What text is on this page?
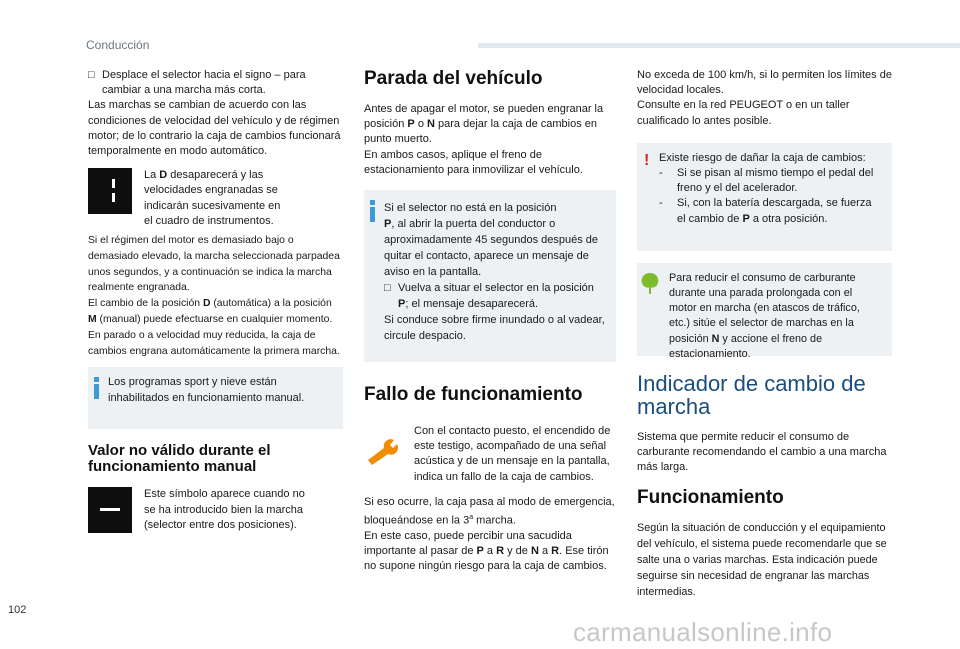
Conducción

□ Desplace el selector hacia el signo – para cambiar a una marcha más corta.

Las marchas se cambian de acuerdo con las condiciones de velocidad del vehículo y de régimen motor; de lo contrario la caja de cambios funcionará temporalmente en modo automático.

La D desaparecerá y las velocidades engranadas se indicarán sucesivamente en el cuadro de instrumentos.

Si el régimen del motor es demasiado bajo o demasiado elevado, la marcha seleccionada parpadea unos segundos, y a continuación se indica la marcha realmente engranada.

El cambio de la posición D (automática) a la posición M (manual) puede efectuarse en cualquier momento.

En parado o a velocidad muy reducida, la caja de cambios engrana automáticamente la primera marcha.

Los programas sport y nieve están inhabilitados en funcionamiento manual.

Valor no válido durante el funcionamiento manual

Este símbolo aparece cuando no se ha introducido bien la marcha (selector entre dos posiciones).

Parada del vehículo

Antes de apagar el motor, se pueden engranar la posición P o N para dejar la caja de cambios en punto muerto.

En ambos casos, aplique el freno de estacionamiento para inmovilizar el vehículo.

Si el selector no está en la posición
P, al abrir la puerta del conductor o aproximadamente 45 segundos después de quitar el contacto, aparece un mensaje de aviso en la pantalla.

□ Vuelva a situar el selector en la posición P; el mensaje desaparecerá.

Si conduce sobre firme inundado o al vadear, circule despacio.

Fallo de funcionamiento

Con el contacto puesto, el encendido de este testigo, acompañado de una señal acústica y de un mensaje en la pantalla, indica un fallo de la caja de cambios.

Si eso ocurre, la caja pasa al modo de emergencia, bloqueándose en la 3$^a$ marcha.

En este caso, puede percibir una sacudida importante al pasar de P a R y de N a R. Ese tirón no supone ningún riesgo para la caja de cambios.

No exceda de 100 km/h, si lo permiten los límites de velocidad locales.

Consulte en la red PEUGEOT o en un taller cualificado lo antes posible.

! Existe riesgo de dañar la caja de cambios:

- Si se pisan al mismo tiempo el pedal del freno y el del acelerador.

- Si, con la batería descargada, se fuerza el cambio de P a otra posición.

Para reducir el consumo de carburante durante una parada prolongada con el motor en marcha (en atascos de tráfico, etc.) sitúe el selector de marchas en la posición N y accione el freno de estacionamiento.

Indicador de cambio de marcha

Sistema que permite reducir el consumo de carburante recomendando el cambio a una marcha más larga.

Funcionamiento

Según la situación de conducción y el equipamiento del vehículo, el sistema puede recomendarle que se salte una o varias marchas. Esta indicación puede seguirse sin necesidad de engranar las marchas intermedias.

102
carmanualsonline.info
